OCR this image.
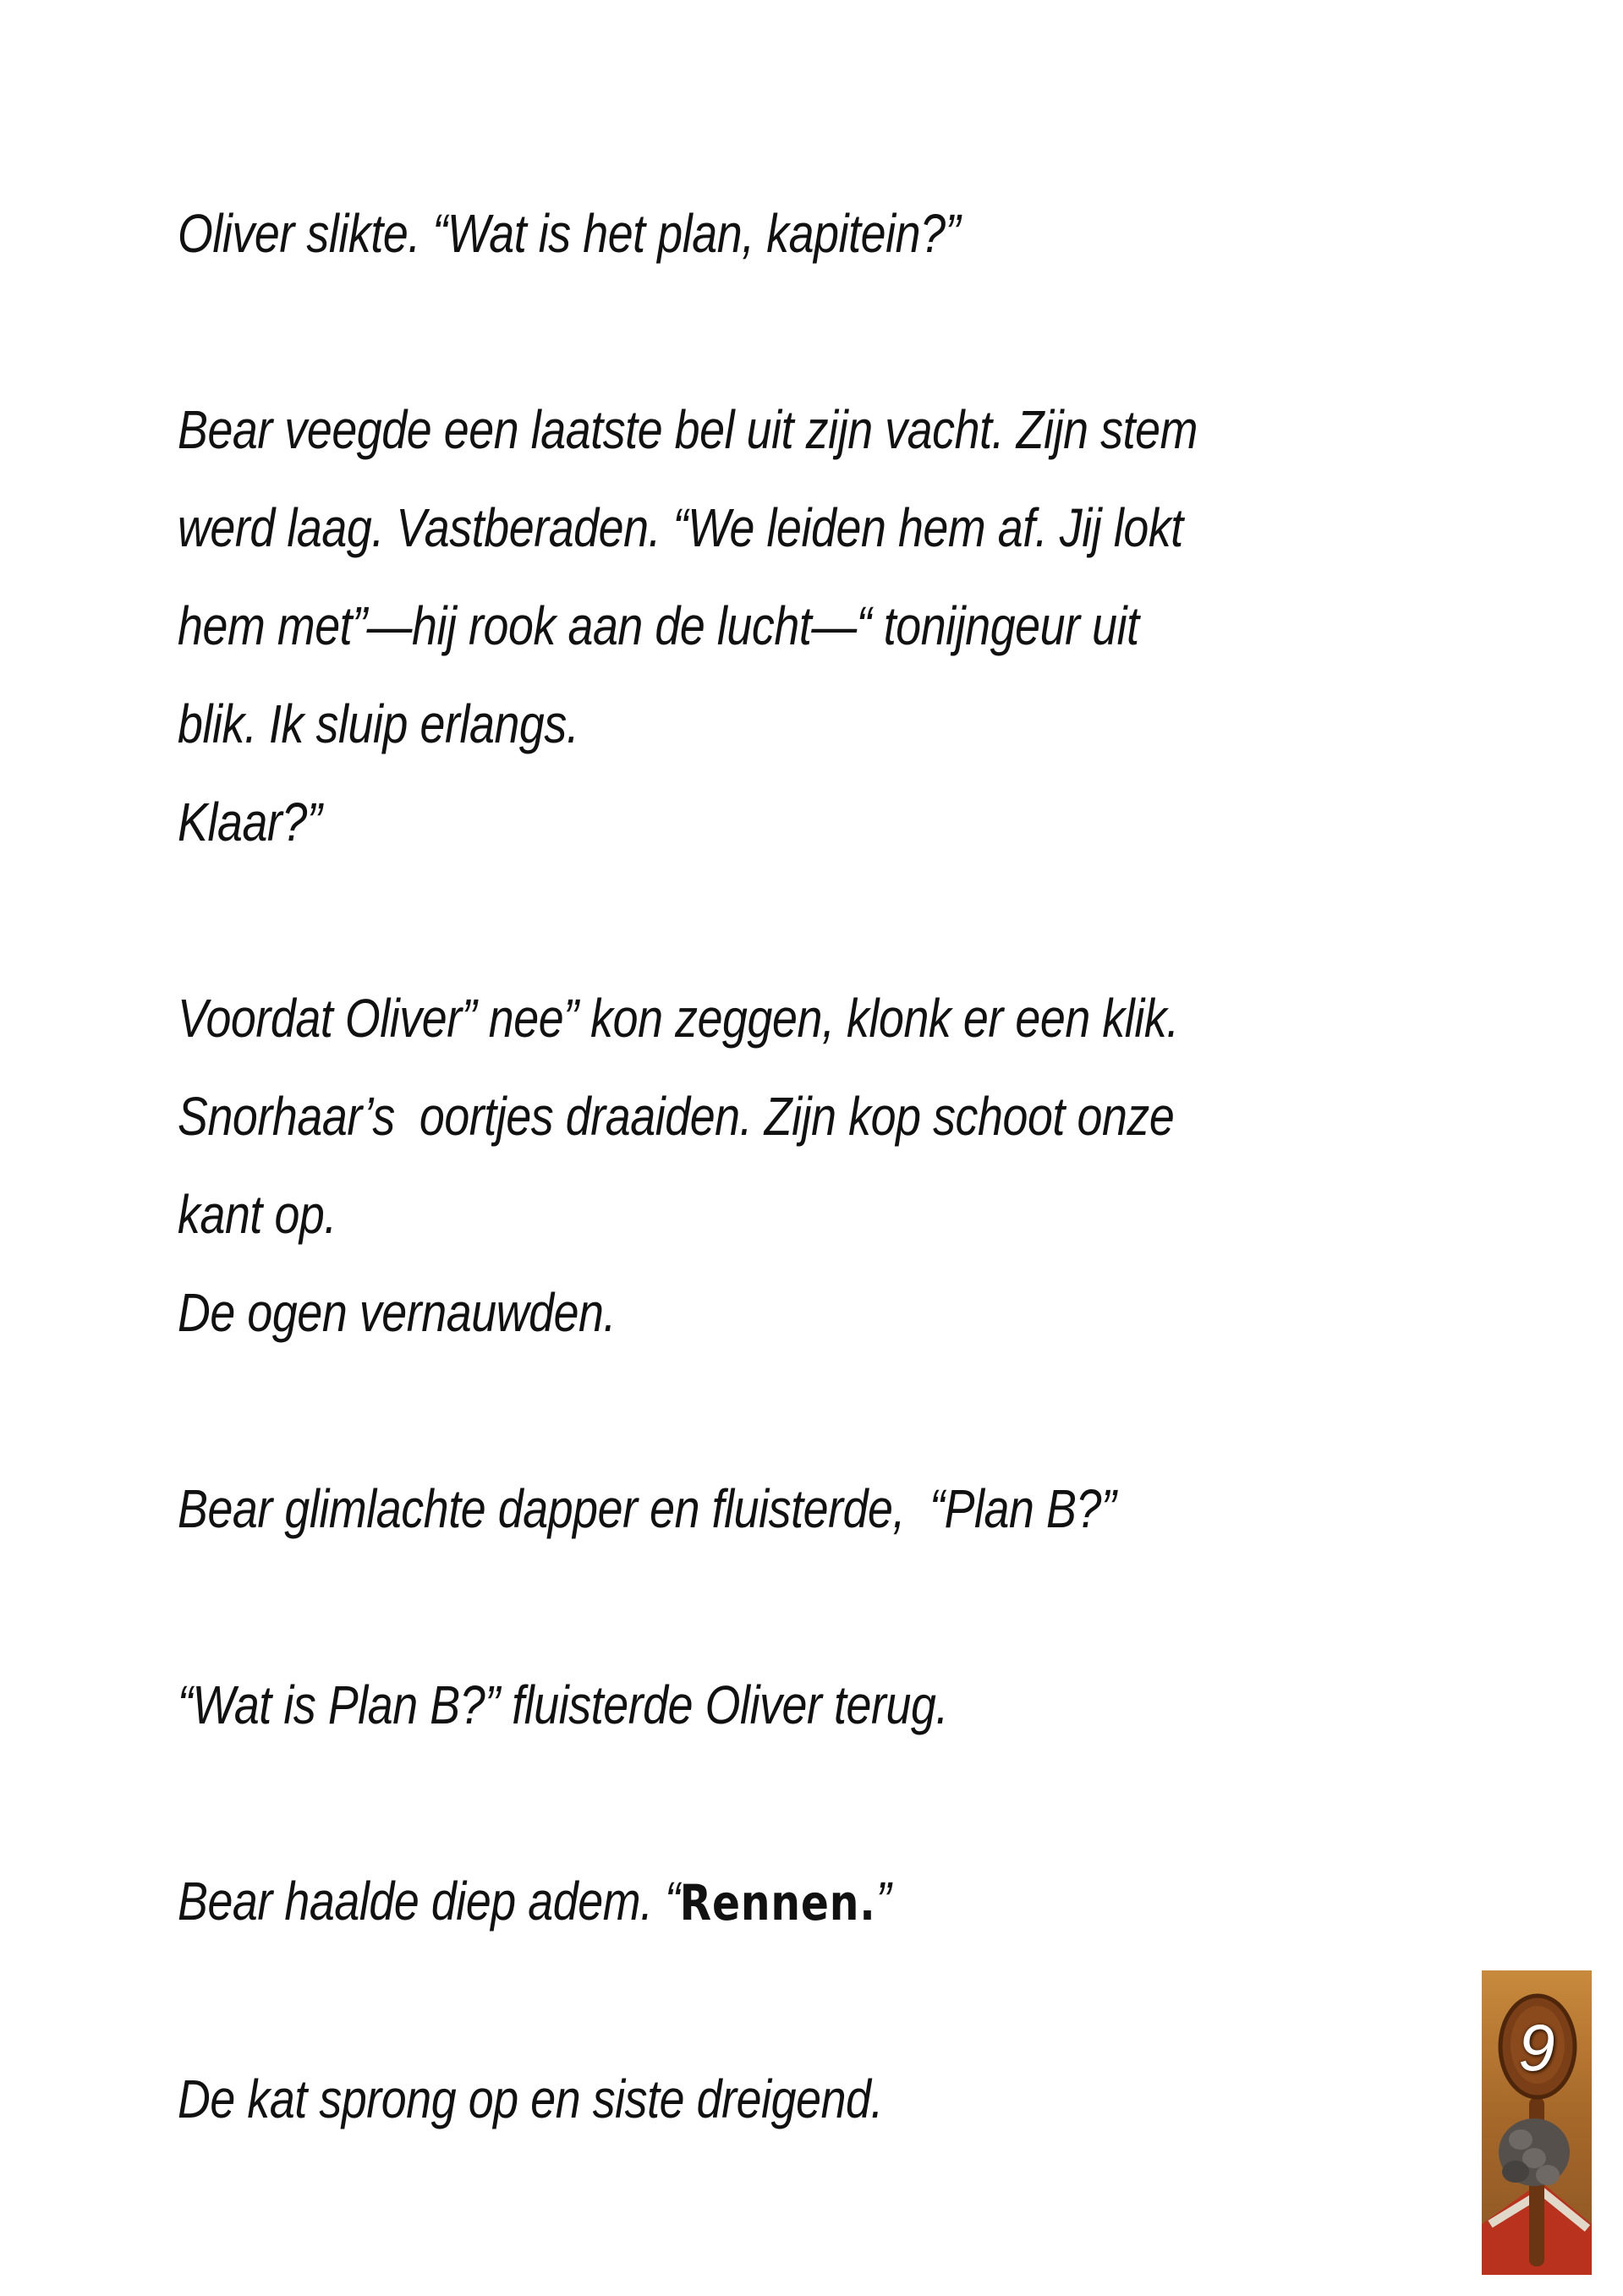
Oliver slikte. “Wat is het plan, kapitein?”

Bear veegde een laatste bel uit zijn vacht. Zijn stem
werd laag. Vastberaden. “We leiden hem af. Jij lokt
hem met”—hij rook aan de lucht—“ tonijngeur uit
blik. Ik sluip erlangs.
Klaar?”

Voordat Oliver” nee” kon zeggen, klonk er een klik.
Snorhaar’s  oortjes draaiden. Zijn kop schoot onze
kant op.
De ogen vernauwden.

Bear glimlachte dapper en fluisterde,  “Plan B?”

“Wat is Plan B?” fluisterde Oliver terug.

Bear haalde diep adem. “Rennen.”

De kat sprong op en siste dreigend.

9
